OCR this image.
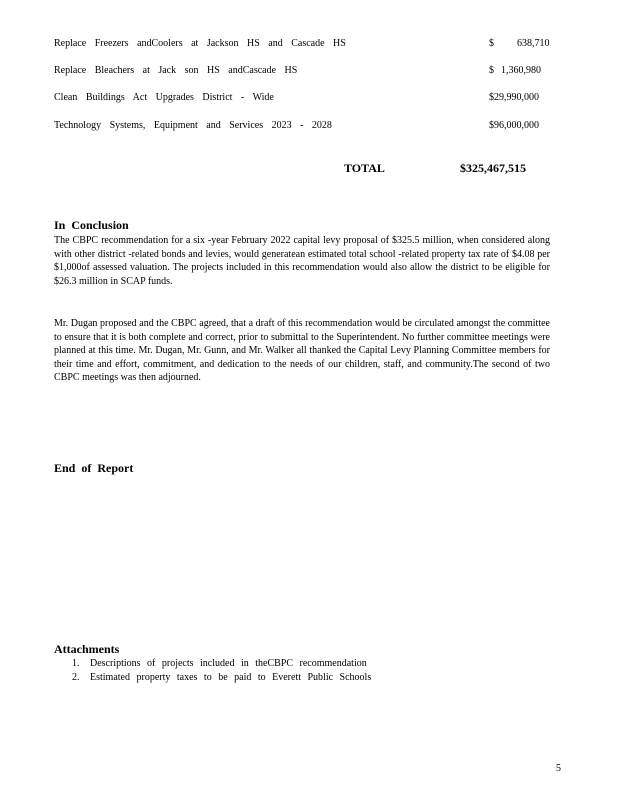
Replace Freezers andCoolers at Jackson HS and Cascade HS	$ 638,710
Replace Bleachers at Jack son HS andCascade HS	$ 1,360,980
Clean Buildings Act Upgrades District - Wide	$29,990,000
Technology Systems, Equipment and Services 2023 - 2028	$96,000,000
TOTAL	$325,467,515
In Conclusion
The CBPC recommendation for a six -year February 2022 capital levy proposal of $325.5 million, when considered along with other district -related bonds and levies, would generatean estimated total school -related property tax rate of $4.08 per $1,000of assessed valuation. The projects included in this recommendation would also allow the district to be eligible for $26.3 million in SCAP funds.
Mr. Dugan proposed and the CBPC agreed, that a draft of this recommendation would be circulated amongst the committee to ensure that it is both complete and correct, prior to submittal to the Superintendent. No further committee meetings were planned at this time. Mr. Dugan, Mr. Gunn, and Mr. Walker all thanked the Capital Levy Planning Committee members for their time and effort, commitment, and dedication to the needs of our children, staff, and community.The second of two CBPC meetings was then adjourned.
End of Report
Attachments
1. Descriptions of projects included in theCBPC recommendation
2. Estimated property taxes to be paid to Everett Public Schools
5
